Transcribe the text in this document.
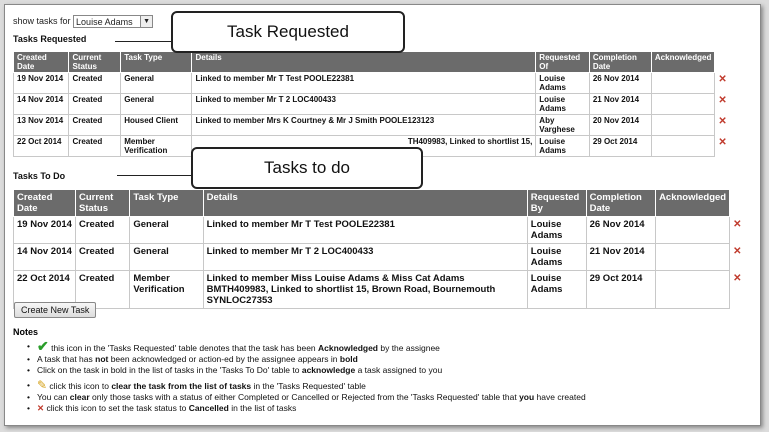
show tasks for Louise Adams	▼
Tasks Requested
Created Date	Current Status	Task Type	Details	Requested Of	Completion Date	Acknowledged	
19 Nov 2014	Created	General	Linked to member Mr T Test POOLE22381	Louise Adams	26 Nov 2014		✕
14 Nov 2014	Created	General	Linked to member Mr T 2 LOC400433	Louise Adams	21 Nov 2014		✕
13 Nov 2014	Created	Housed Client	Linked to member Mrs K Courtney & Mr J Smith POOLE123123	Aby Varghese	20 Nov 2014		✕
22 Oct 2014	Created	Member Verification	TH409983, Linked to shortlist 15,	Louise Adams	29 Oct 2014		✕
Tasks To Do
Created Date	Current Status	Task Type	Details	Requested By	Completion Date	Acknowledged	
19 Nov 2014	Created	General	Linked to member Mr T Test POOLE22381	Louise Adams	26 Nov 2014		✕
14 Nov 2014	Created	General	Linked to member Mr T 2 LOC400433	Louise Adams	21 Nov 2014		✕
22 Oct 2014	Created	Member Verification	Linked to member Miss Louise Adams & Miss Cat Adams BMTH409983, Linked to shortlist 15, Brown Road, Bournemouth SYNLOC27353	Louise Adams	29 Oct 2014		✕
Task Requested
Tasks to do
Create New Task
Notes
• ✔ this icon in the 'Tasks Requested' table denotes that the task has been Acknowledged by the assignee
• A task that has not been acknowledged or action-ed by the assignee appears in bold
• Click on the task in bold in the list of tasks in the 'Tasks To Do' table to acknowledge a task assigned to you
• ✎ click this icon to clear the task from the list of tasks in the 'Tasks Requested' table
• You can clear only those tasks with a status of either Completed or Cancelled or Rejected from the 'Tasks Requested' table that you have created
• ✕ click this icon to set the task status to Cancelled in the list of tasks
